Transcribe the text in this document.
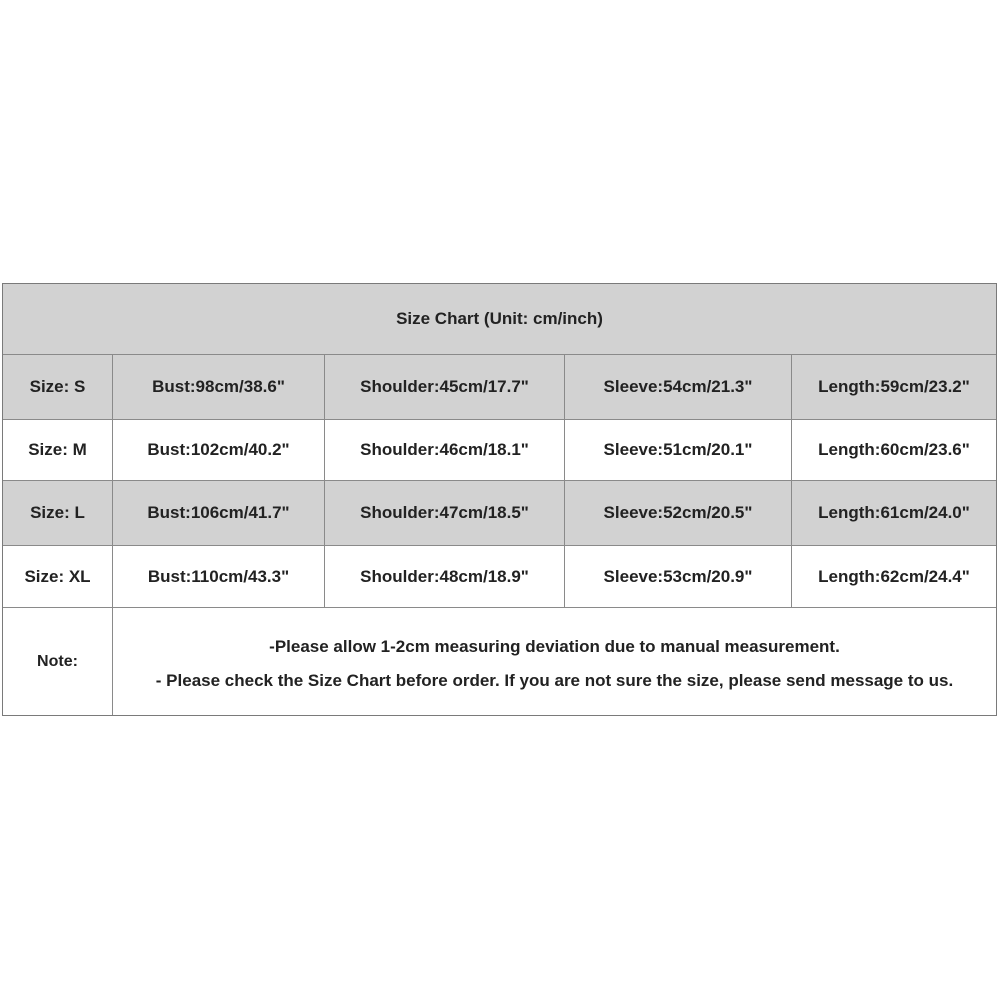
Size Chart (Unit: cm/inch)
Size: S	Bust:98cm/38.6"	Shoulder:45cm/17.7"	Sleeve:54cm/21.3"	Length:59cm/23.2"
Size: M	Bust:102cm/40.2"	Shoulder:46cm/18.1"	Sleeve:51cm/20.1"	Length:60cm/23.6"
Size: L	Bust:106cm/41.7"	Shoulder:47cm/18.5"	Sleeve:52cm/20.5"	Length:61cm/24.0"
Size: XL	Bust:110cm/43.3"	Shoulder:48cm/18.9"	Sleeve:53cm/20.9"	Length:62cm/24.4"
Note:
-Please allow 1-2cm measuring deviation due to manual measurement.
- Please check the Size Chart before order. If you are not sure the size, please send message to us.
